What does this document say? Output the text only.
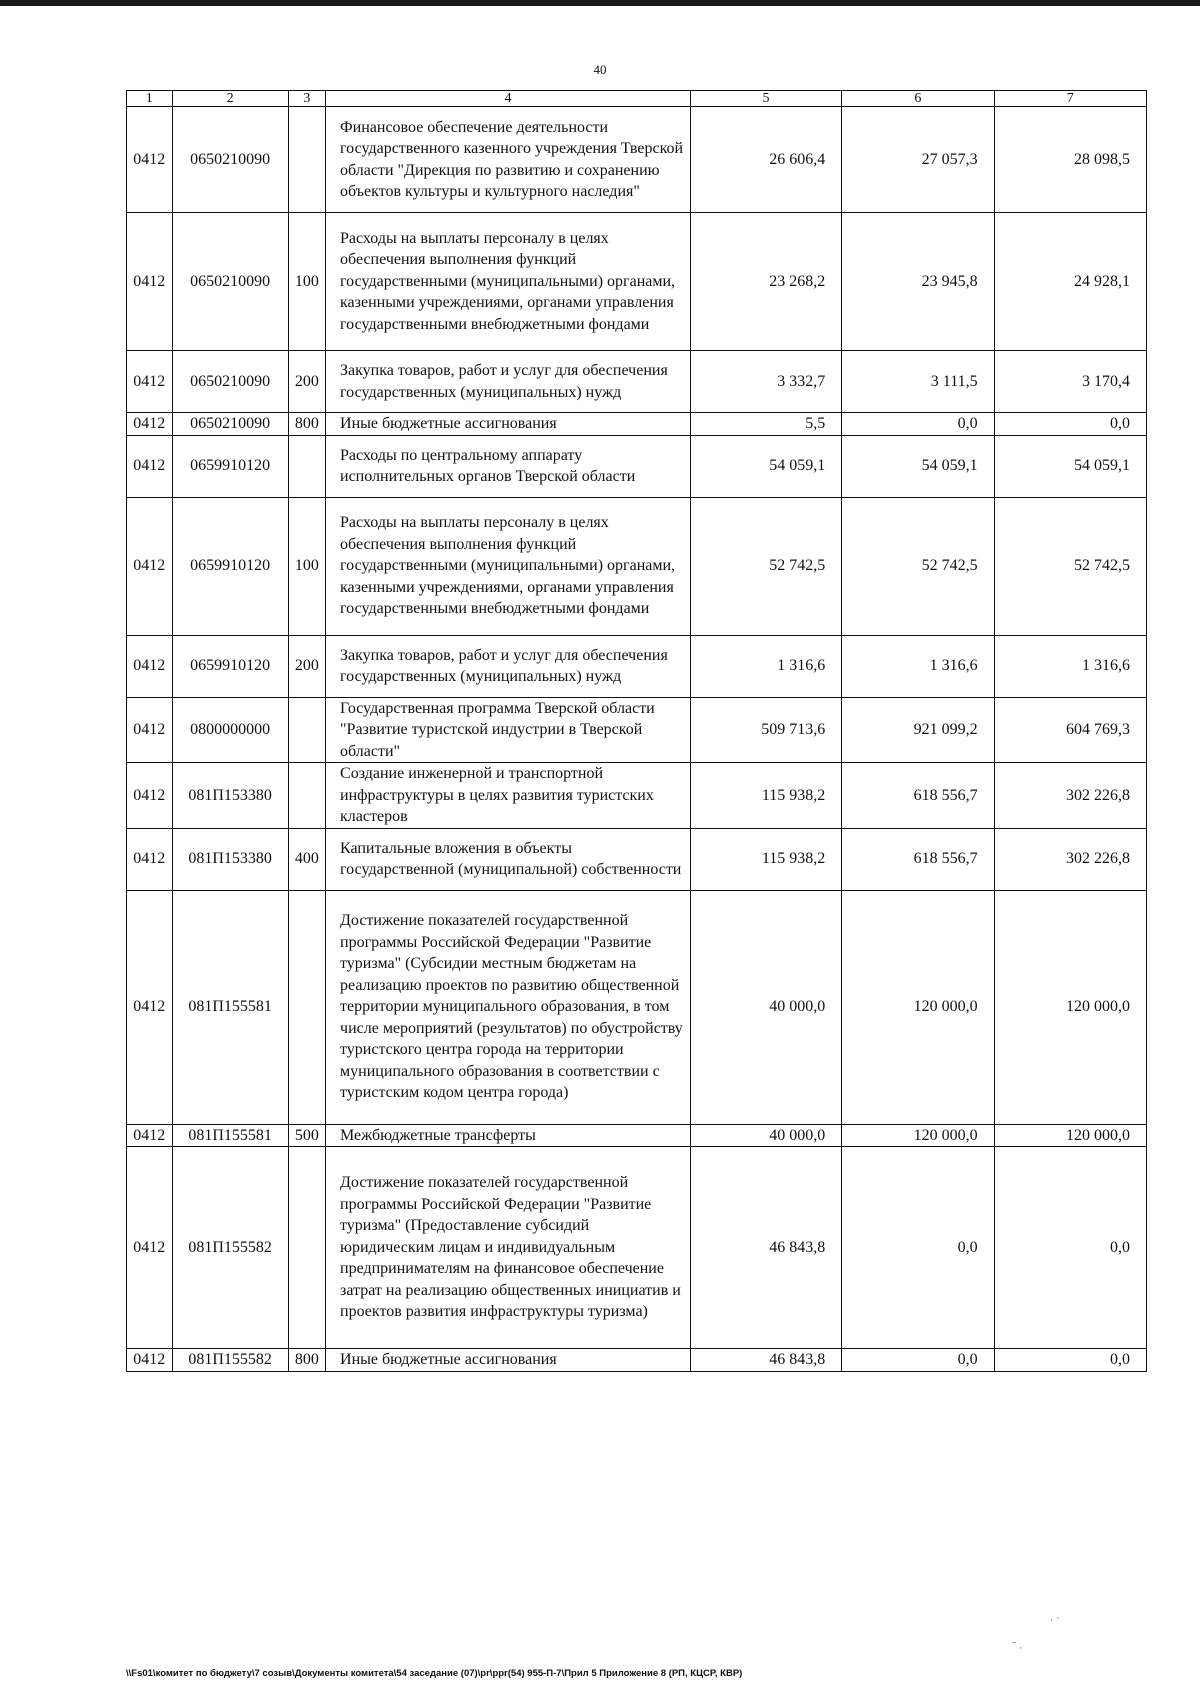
40
1	2	3	4	5	6	7
0412	0650210090		Финансовое обеспечение деятельности государственного казенного учреждения Тверской области "Дирекция по развитию и сохранению объектов культуры и культурного наследия"	26 606,4	27 057,3	28 098,5
0412	0650210090	100	Расходы на выплаты персоналу в целях обеспечения выполнения функций государственными (муниципальными) органами, казенными учреждениями, органами управления государственными внебюджетными фондами	23 268,2	23 945,8	24 928,1
0412	0650210090	200	Закупка товаров, работ и услуг для обеспечения государственных (муниципальных) нужд	3 332,7	3 111,5	3 170,4
0412	0650210090	800	Иные бюджетные ассигнования	5,5	0,0	0,0
0412	0659910120		Расходы по центральному аппарату исполнительных органов Тверской области	54 059,1	54 059,1	54 059,1
0412	0659910120	100	Расходы на выплаты персоналу в целях обеспечения выполнения функций государственными (муниципальными) органами, казенными учреждениями, органами управления государственными внебюджетными фондами	52 742,5	52 742,5	52 742,5
0412	0659910120	200	Закупка товаров, работ и услуг для обеспечения государственных (муниципальных) нужд	1 316,6	1 316,6	1 316,6
0412	0800000000		Государственная программа Тверской области "Развитие туристской индустрии в Тверской области"	509 713,6	921 099,2	604 769,3
0412	081П153380		Создание инженерной и транспортной инфраструктуры в целях развития туристских кластеров	115 938,2	618 556,7	302 226,8
0412	081П153380	400	Капитальные вложения в объекты государственной (муниципальной) собственности	115 938,2	618 556,7	302 226,8
0412	081П155581		Достижение показателей государственной программы Российской Федерации "Развитие туризма" (Субсидии местным бюджетам на реализацию проектов по развитию общественной территории муниципального образования, в том числе мероприятий (результатов) по обустройству туристского центра города на территории муниципального образования в соответствии с туристским кодом центра города)	40 000,0	120 000,0	120 000,0
0412	081П155581	500	Межбюджетные трансферты	40 000,0	120 000,0	120 000,0
0412	081П155582		Достижение показателей государственной программы Российской Федерации "Развитие туризма" (Предоставление субсидий юридическим лицам и индивидуальным предпринимателям на финансовое обеспечение затрат на реализацию общественных инициатив и проектов развития инфраструктуры туризма)	46 843,8	0,0	0,0
0412	081П155582	800	Иные бюджетные ассигнования	46 843,8	0,0	0,0
\\Fs01\комитет по бюджету\7 созыв\Документы комитета\54 заседание (07)\pr\ppr(54) 955-П-7\Прил 5 Приложение 8 (РП, КЦСР, КВР)
. ·
‾ ·
